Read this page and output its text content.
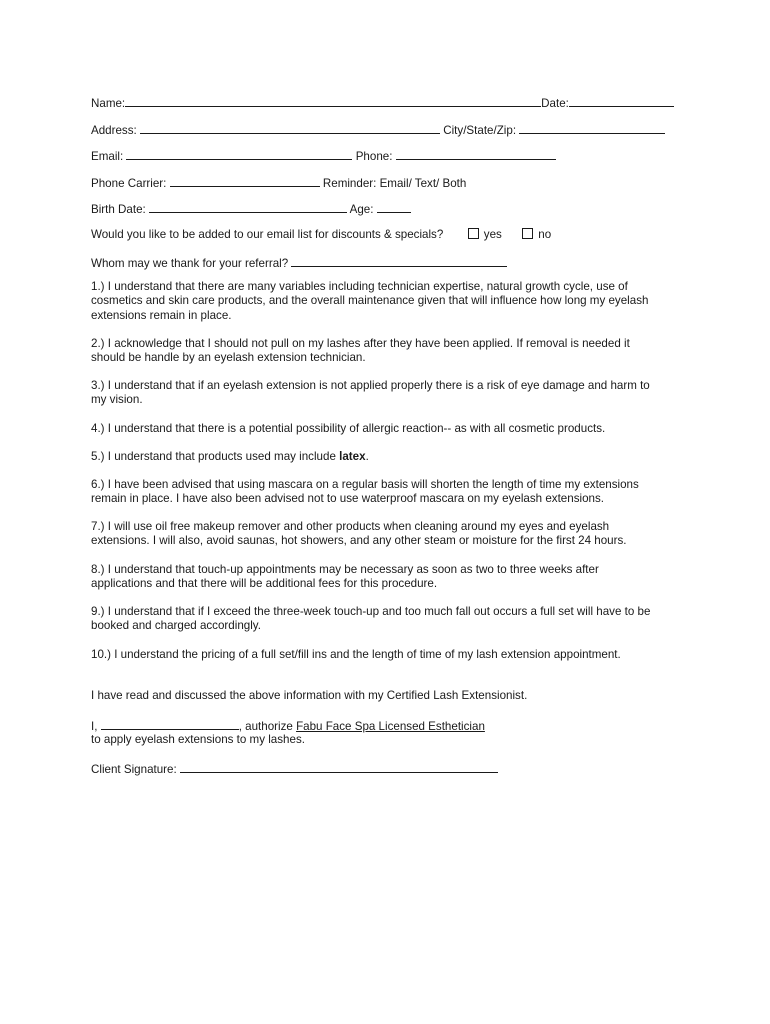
Name:	Date:
Address:	City/State/Zip:
Email:	Phone:
Phone Carrier:	Reminder: Email/ Text/ Both
Birth Date:	Age:
Would you like to be added to our email list for discounts & specials?	yes	no
Whom may we thank for your referral?
1.) I understand that there are many variables including technician expertise, natural growth cycle, use of
cosmetics and skin care products, and the overall maintenance given that will influence how long my eyelash
extensions remain in place.
2.) I acknowledge that I should not pull on my lashes after they have been applied. If removal is needed it
should be handle by an eyelash extension technician.
3.) I understand that if an eyelash extension is not applied properly there is a risk of eye damage and harm to
my vision.
4.) I understand that there is a potential possibility of allergic reaction-- as with all cosmetic products.
5.) I understand that products used may include latex.
6.) I have been advised that using mascara on a regular basis will shorten the length of time my extensions
remain in place. I have also been advised not to use waterproof mascara on my eyelash extensions.
7.) I will use oil free makeup remover and other products when cleaning around my eyes and eyelash
extensions. I will also, avoid saunas, hot showers, and any other steam or moisture for the first 24 hours.
8.) I understand that touch-up appointments may be necessary as soon as two to three weeks after
applications and that there will be additional fees for this procedure.
9.) I understand that if I exceed the three-week touch-up and too much fall out occurs a full set will have to be
booked and charged accordingly.
10.) I understand the pricing of a full set/fill ins and the length of time of my lash extension appointment.
I have read and discussed the above information with my Certified Lash Extensionist.
I,	, authorize Fabu Face Spa Licensed Esthetician
to apply eyelash extensions to my lashes.
Client Signature:
